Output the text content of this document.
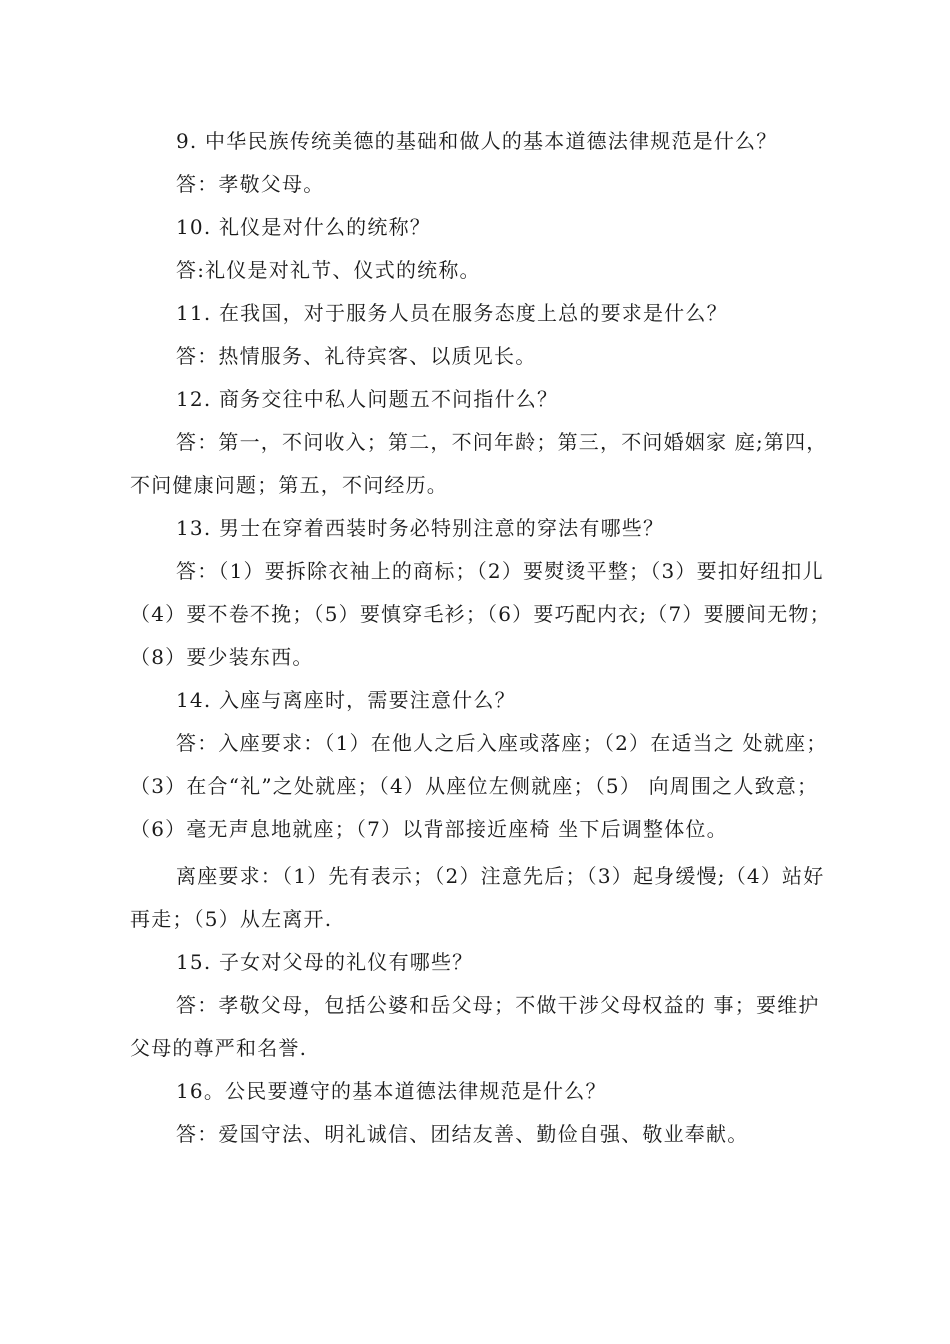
9. 中华民族传统美德的基础和做人的基本道德法律规范是什么？

答：孝敬父母。

10. 礼仪是对什么的统称？

答:礼仪是对礼节、仪式的统称。

11. 在我国，对于服务人员在服务态度上总的要求是什么？

答：热情服务、礼待宾客、以质见长。

12. 商务交往中私人问题五不问指什么？

答：第一，不问收入；第二，不问年龄；第三，不问婚姻家 庭;第四，不问健康问题；第五，不问经历。

13. 男士在穿着西装时务必特别注意的穿法有哪些？

答：（1）要拆除衣袖上的商标；（2）要熨烫平整；（3）要扣好纽扣儿（4）要不卷不挽；（5）要慎穿毛衫；（6）要巧配内衣;（7）要腰间无物；（8）要少装东西。

14. 入座与离座时，需要注意什么？

答：入座要求：（1）在他人之后入座或落座；（2）在适当之 处就座；（3）在合“礼”之处就座；（4）从座位左侧就座；（5） 向周围之人致意；（6）毫无声息地就座；（7）以背部接近座椅 坐下后调整体位。

离座要求：（1）先有表示；（2）注意先后；（3）起身缓慢;（4）站好再走；（5）从左离开.

15. 子女对父母的礼仪有哪些？

答：孝敬父母，包括公婆和岳父母；不做干涉父母权益的 事；要维护父母的尊严和名誉.

16。公民要遵守的基本道德法律规范是什么？

答：爱国守法、明礼诚信、团结友善、勤俭自强、敬业奉献。
